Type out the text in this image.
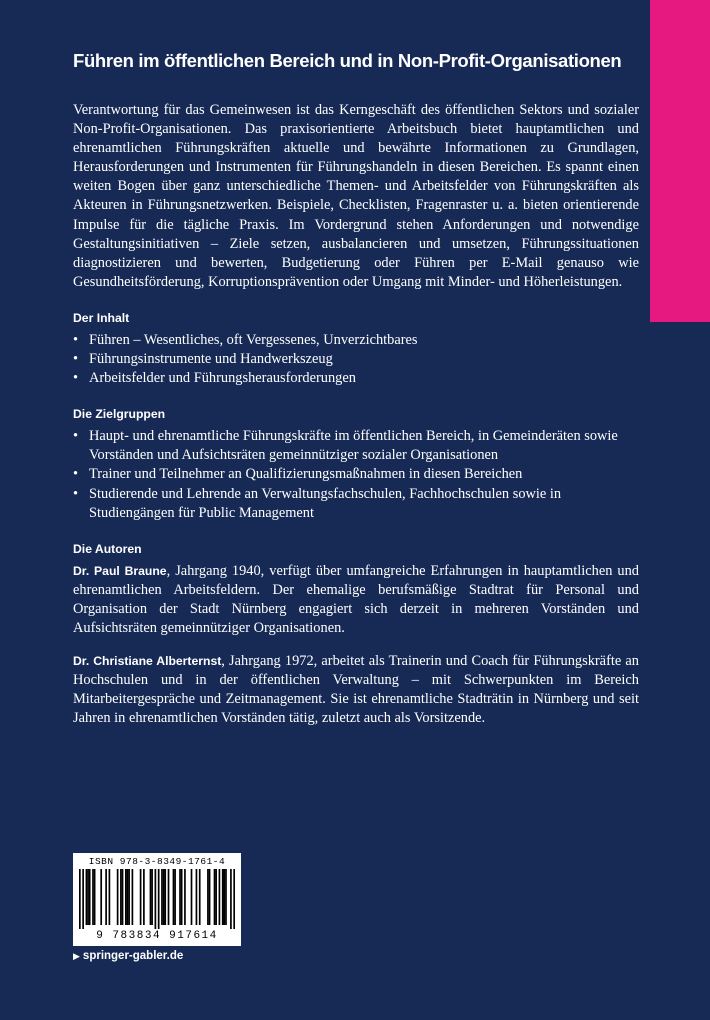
Führen im öffentlichen Bereich und in Non-Profit-Organisationen

Verantwortung für das Gemeinwesen ist das Kerngeschäft des öffentlichen Sektors und sozialer Non-Profit-Organisationen. Das praxisorientierte Arbeitsbuch bietet hauptamtlichen und ehrenamtlichen Führungskräften aktuelle und bewährte Informationen zu Grundlagen, Herausforderungen und Instrumenten für Führungshandeln in diesen Bereichen. Es spannt einen weiten Bogen über ganz unterschiedliche Themen- und Arbeitsfelder von Führungskräften als Akteuren in Führungsnetzwerken. Beispiele, Checklisten, Fragenraster u. a. bieten orientierende Impulse für die tägliche Praxis. Im Vordergrund stehen Anforderungen und notwendige Gestaltungsinitiativen – Ziele setzen, ausbalancieren und umsetzen, Führungssituationen diagnostizieren und bewerten, Budgetierung oder Führen per E-Mail genauso wie Gesundheitsförderung, Korruptionsprävention oder Umgang mit Minder- und Höherleistungen.

Der Inhalt
• Führen – Wesentliches, oft Vergessenes, Unverzichtbares
• Führungsinstrumente und Handwerkszeug
• Arbeitsfelder und Führungsherausforderungen
Die Zielgruppen
• Haupt- und ehrenamtliche Führungskräfte im öffentlichen Bereich, in Gemeinderäten sowie Vorständen und Aufsichtsräten gemeinnütziger sozialer Organisationen
• Trainer und Teilnehmer an Qualifizierungsmaßnahmen in diesen Bereichen
• Studierende und Lehrende an Verwaltungsfachschulen, Fachhochschulen sowie in Studiengängen für Public Management
Die Autoren

Dr. Paul Braune, Jahrgang 1940, verfügt über umfangreiche Erfahrungen in hauptamtlichen und ehrenamtlichen Arbeitsfeldern. Der ehemalige berufsmäßige Stadtrat für Personal und Organisation der Stadt Nürnberg engagiert sich derzeit in mehreren Vorständen und Aufsichtsräten gemeinnütziger Organisationen.

Dr. Christiane Alberternst, Jahrgang 1972, arbeitet als Trainerin und Coach für Führungskräfte an Hochschulen und in der öffentlichen Verwaltung – mit Schwerpunkten im Bereich Mitarbeitergespräche und Zeitmanagement. Sie ist ehrenamtliche Stadträtin in Nürnberg und seit Jahren in ehrenamtlichen Vorständen tätig, zuletzt auch als Vorsitzende.

ISBN 978-3-8349-1761-4
9 783834 917614
▶ springer-gabler.de
